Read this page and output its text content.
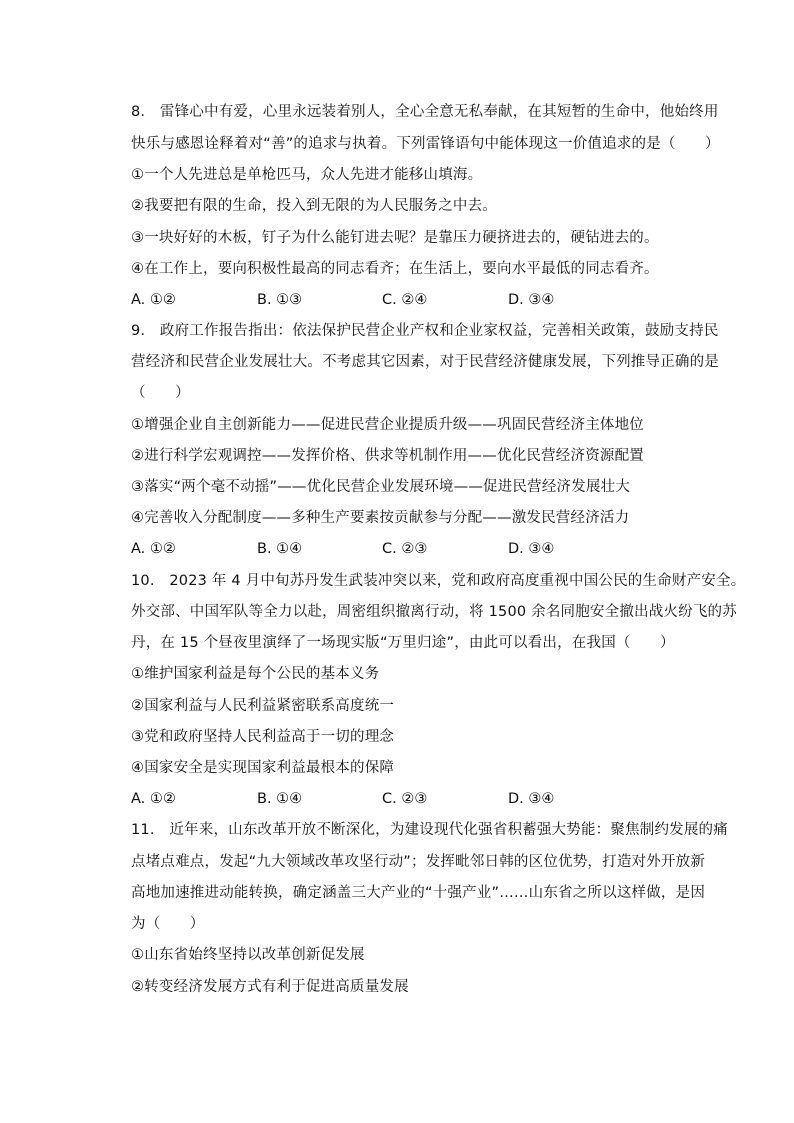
8.　雷锋心中有爱，心里永远装着别人，全心全意无私奉献，在其短暂的生命中，他始终用
快乐与感恩诠释着对“善”的追求与执着。下列雷锋语句中能体现这一价值追求的是（　　）
①一个人先进总是单枪匹马，众人先进才能移山填海。
②我要把有限的生命，投入到无限的为人民服务之中去。
③一块好好的木板，钉子为什么能钉进去呢？是靠压力硬挤进去的，硬钻进去的。
④在工作上，要向积极性最高的同志看齐；在生活上，要向水平最低的同志看齐。
A. ①②	B. ①③	C. ②④	D. ③④
9.　政府工作报告指出：依法保护民营企业产权和企业家权益，完善相关政策，鼓励支持民
营经济和民营企业发展壮大。不考虑其它因素，对于民营经济健康发展，下列推导正确的是
（　　）
①增强企业自主创新能力——促进民营企业提质升级——巩固民营经济主体地位
②进行科学宏观调控——发挥价格、供求等机制作用——优化民营经济资源配置
③落实“两个毫不动摇”——优化民营企业发展环境——促进民营经济发展壮大
④完善收入分配制度——多种生产要素按贡献参与分配——激发民营经济活力
A. ①②	B. ①④	C. ②③	D. ③④
10.　2023 年 4 月中旬苏丹发生武装冲突以来，党和政府高度重视中国公民的生命财产安全。
外交部、中国军队等全力以赴，周密组织撤离行动，将 1500 余名同胞安全撤出战火纷飞的苏
丹，在 15 个昼夜里演绎了一场现实版“万里归途”，由此可以看出，在我国（　　）
①维护国家利益是每个公民的基本义务
②国家利益与人民利益紧密联系高度统一
③党和政府坚持人民利益高于一切的理念
④国家安全是实现国家利益最根本的保障
A. ①②	B. ①④	C. ②③	D. ③④
11.　近年来，山东改革开放不断深化，为建设现代化强省积蓄强大势能：聚焦制约发展的痛
点堵点难点，发起“九大领域改革攻坚行动”；发挥毗邻日韩的区位优势，打造对外开放新
高地加速推进动能转换，确定涵盖三大产业的“十强产业”……山东省之所以这样做，是因
为（　　）
①山东省始终坚持以改革创新促发展
②转变经济发展方式有利于促进高质量发展
